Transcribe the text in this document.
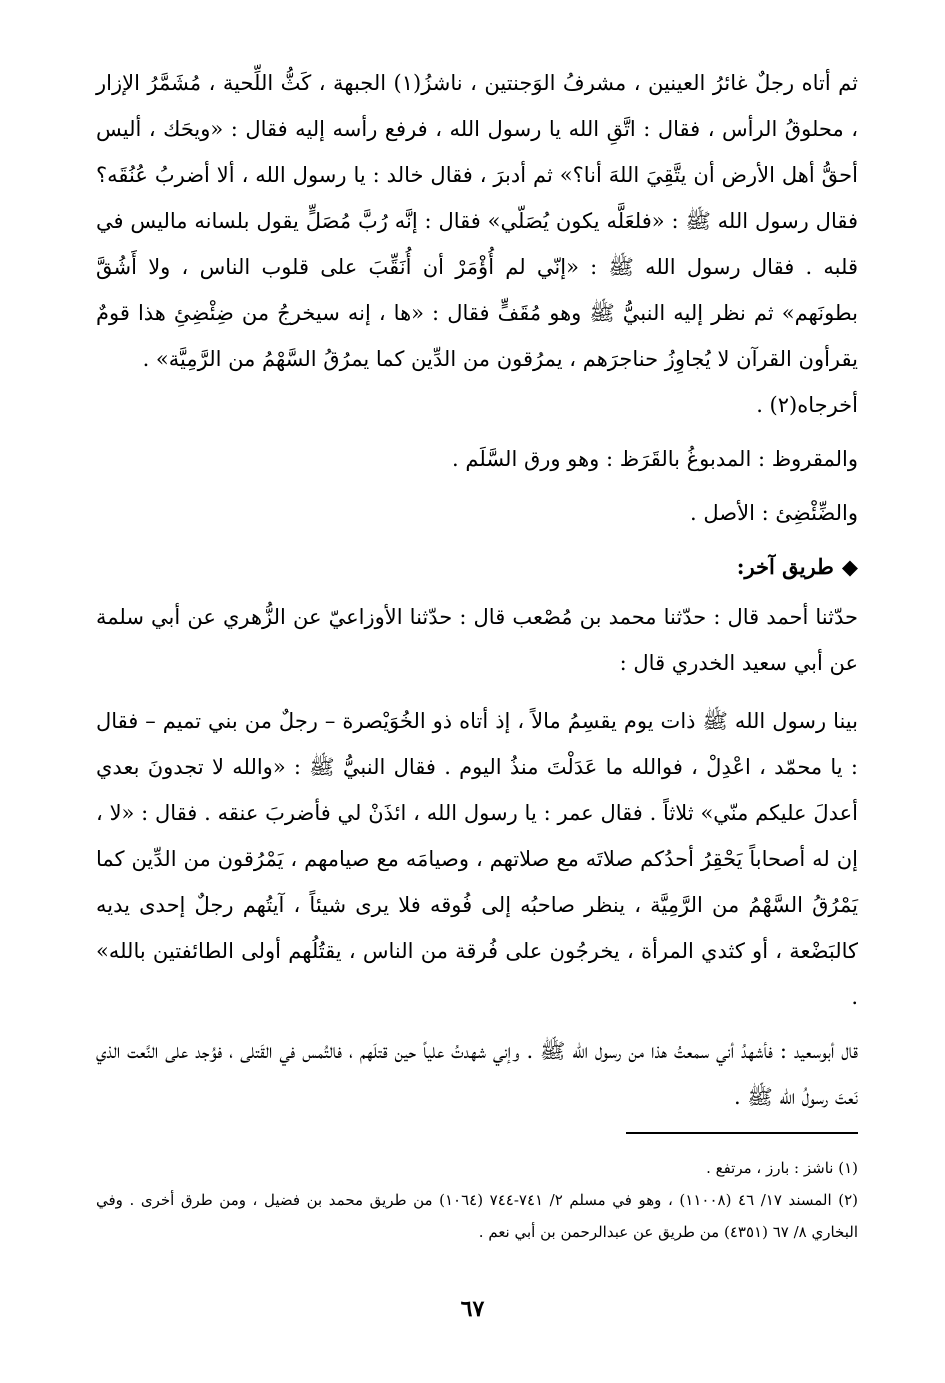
ثم أتاه رجلٌ غائرُ العينين ، مشرفُ الوَجنتين ، ناشزُ(١) الجبهة ، كَثُّ اللِّحية ، مُشَمَّرُ الإزار ، محلوقُ الرأس ، فقال : اتَّقِ الله يا رسول الله ، فرفع رأسه إليه فقال : «ويحَك ، أليس أحقُّ أهل الأرض أن يتَّقِيَ اللهَ أنا؟» ثم أدبرَ ، فقال خالد : يا رسول الله ، ألا أضربُ عُنُقَه؟ فقال رسول الله ﷺ : «فلعَلَّه يكون يُصَلّي» فقال : إنَّه رُبَّ مُصَلٍّ يقول بلسانه ماليس في قلبه . فقال رسول الله ﷺ : «إنّي لم أُؤْمَرْ أن أُنَقِّبَ على قلوب الناس ، ولا أَشُقَّ بطونَهم» ثم نظر إليه النبيُّ ﷺ وهو مُقَفٍّ فقال : «ها ، إنه سيخرجُ من ضِئْضِئِ هذا قومٌ يقرأون القرآن لا يُجاوِزُ حناجرَهم ، يمرُقون من الدِّين كما يمرُقُ السَّهْمُ من الرَّمِيَّة» .

أخرجاه(٢) .

والمقروظ : المدبوغُ بالقَرَظ : وهو ورق السَّلَم .

والضِّئْضِئ : الأصل .

◆طريق آخر:

حدّثنا أحمد قال : حدّثنا محمد بن مُصْعب قال : حدّثنا الأوزاعيّ عن الزُّهري عن أبي سلمة عن أبي سعيد الخدري قال :

بينا رسول الله ﷺ ذات يوم يقسِمُ مالاً ، إذ أتاه ذو الخُوَيْصرة – رجلٌ من بني تميم – فقال : يا محمّد ، اعْدِلْ ، فوالله ما عَدَلْتَ منذُ اليوم . فقال النبيُّ ﷺ : «والله لا تجدونَ بعدي أعدلَ عليكم منّي» ثلاثاً . فقال عمر : يا رسول الله ، ائذَنْ لي فأضربَ عنقه . فقال : «لا ، إن له أصحاباً يَحْقِرُ أحدُكم صلاتَه مع صلاتهم ، وصيامَه مع صيامهم ، يَمْرُقون من الدِّين كما يَمْرُقُ السَّهْمُ من الرَّمِيَّة ، ينظر صاحبُه إلى فُوقه فلا يرى شيئاً ، آيتُهم رجلٌ إحدى يديه كالبَضْعة ، أو كثدي المرأة ، يخرجُون على فُرقة من الناس ، يقتُلُهم أولى الطائفتين بالله» .

قال أبوسعيد : فأشهدُ أني سمعتُ هذا من رسول الله ﷺ . وإني شهدتُ علياً حين قتلَهم ، فالتُمس في القَتلى ، فوُجد على النَّعت الذي نَعتَ رسولُ الله ﷺ .

(١) ناشز : بارز ، مرتفع .

(٢) المسند ١٧/ ٤٦ (١١٠٠٨) ، وهو في مسلم ٢/ ٧٤١-٧٤٤ (١٠٦٤) من طريق محمد بن فضيل ، ومن طرق أخرى . وفي البخاري ٨/ ٦٧ (٤٣٥١) من طريق عن عبدالرحمن بن أبي نعم .

٦٧
